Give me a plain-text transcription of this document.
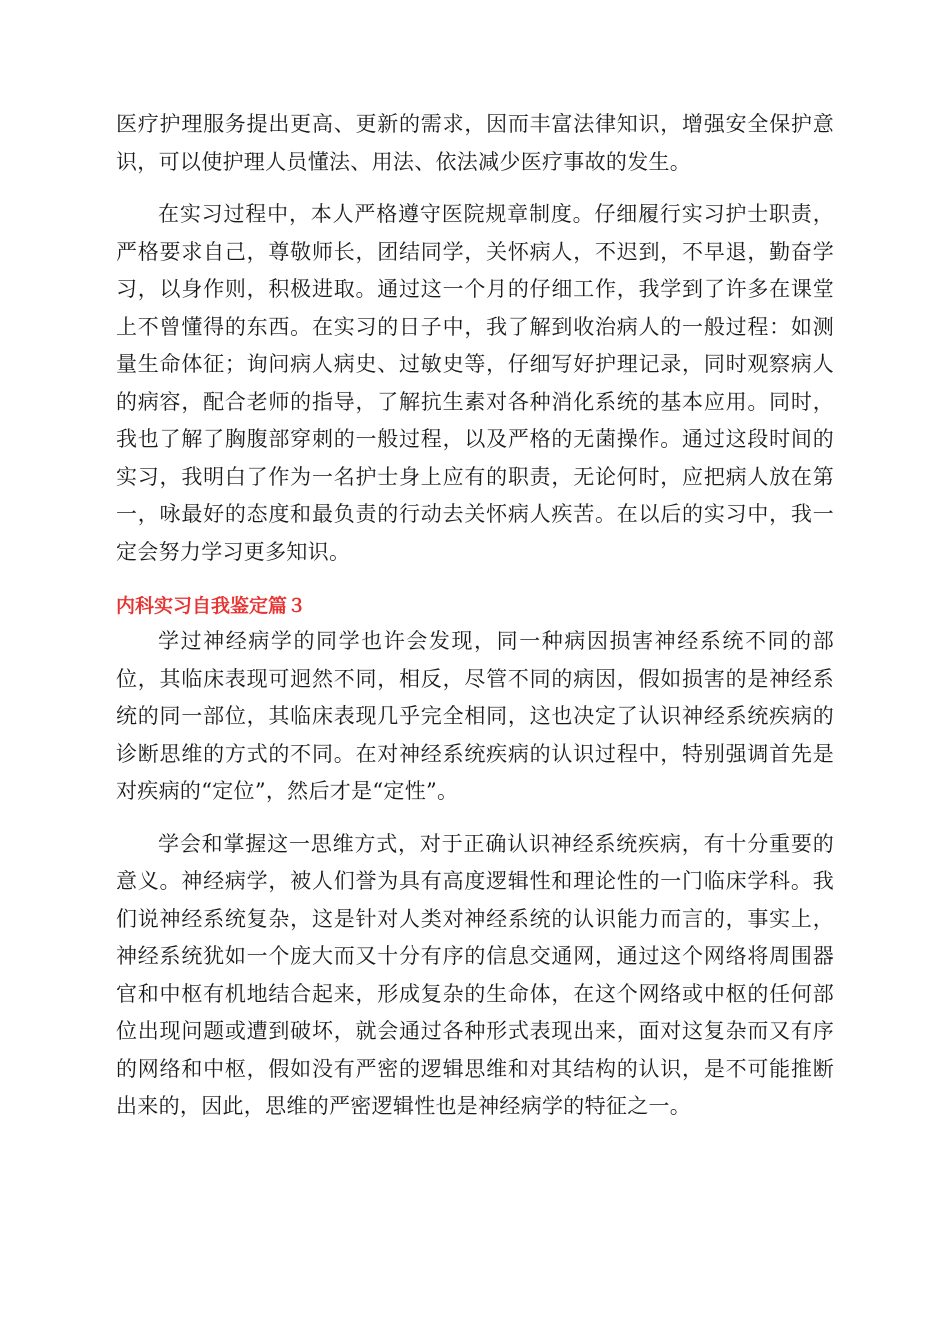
医疗护理服务提出更高、更新的需求，因而丰富法律知识，增强安全保护意识，可以使护理人员懂法、用法、依法减少医疗事故的发生。

在实习过程中，本人严格遵守医院规章制度。仔细履行实习护士职责，严格要求自己，尊敬师长，团结同学，关怀病人，不迟到，不早退，勤奋学习，以身作则，积极进取。通过这一个月的仔细工作，我学到了许多在课堂上不曾懂得的东西。在实习的日子中，我了解到收治病人的一般过程：如测量生命体征；询问病人病史、过敏史等，仔细写好护理记录，同时观察病人的病容，配合老师的指导，了解抗生素对各种消化系统的基本应用。同时，我也了解了胸腹部穿刺的一般过程，以及严格的无菌操作。通过这段时间的实习，我明白了作为一名护士身上应有的职责，无论何时，应把病人放在第一，咏最好的态度和最负责的行动去关怀病人疾苦。在以后的实习中，我一定会努力学习更多知识。

内科实习自我鉴定篇３

学过神经病学的同学也许会发现，同一种病因损害神经系统不同的部位，其临床表现可迥然不同，相反，尽管不同的病因，假如损害的是神经系统的同一部位，其临床表现几乎完全相同，这也决定了认识神经系统疾病的诊断思维的方式的不同。在对神经系统疾病的认识过程中，特别强调首先是对疾病的“定位”，然后才是“定性”。

学会和掌握这一思维方式，对于正确认识神经系统疾病，有十分重要的意义。神经病学，被人们誉为具有高度逻辑性和理论性的一门临床学科。我们说神经系统复杂，这是针对人类对神经系统的认识能力而言的，事实上，神经系统犹如一个庞大而又十分有序的信息交通网，通过这个网络将周围器官和中枢有机地结合起来，形成复杂的生命体，在这个网络或中枢的任何部位出现问题或遭到破坏，就会通过各种形式表现出来，面对这复杂而又有序的网络和中枢，假如没有严密的逻辑思维和对其结构的认识，是不可能推断出来的，因此，思维的严密逻辑性也是神经病学的特征之一。
